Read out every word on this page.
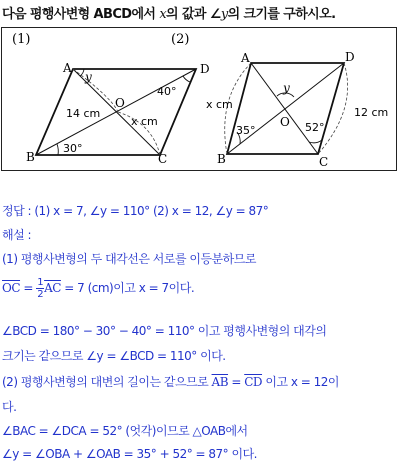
다음 평행사변형 ABCD에서 x의 값과 ∠y의 크기를 구하시오.
(1)
A	D
B	C
O
y
40°
30°
14 cm
x cm
(2)
A	D
B	C
O
y
35°	52°
x cm
12 cm
정답 : (1) x = 7, ∠y = 110° (2) x = 12, ∠y = 87°
해설 :
(1) 평행사변형의 두 대각선은 서로를 이등분하므로
$\overline{OC} = \frac{1}{2} \overline{AC} = 7$ (cm)이고 x = 7이다.
∠BCD = 180° − 30° − 40° = 110° 이고 평행사변형의 대각의
크기는 같으므로 ∠y = ∠BCD = 110° 이다.
(2) 평행사변형의 대변의 길이는 같으므로 $\overline{AB} = \overline{CD}$ 이고 x = 12이
다.
∠BAC = ∠DCA = 52° (엇각)이므로 △OAB에서
∠y = ∠OBA + ∠OAB = 35° + 52° = 87° 이다.
